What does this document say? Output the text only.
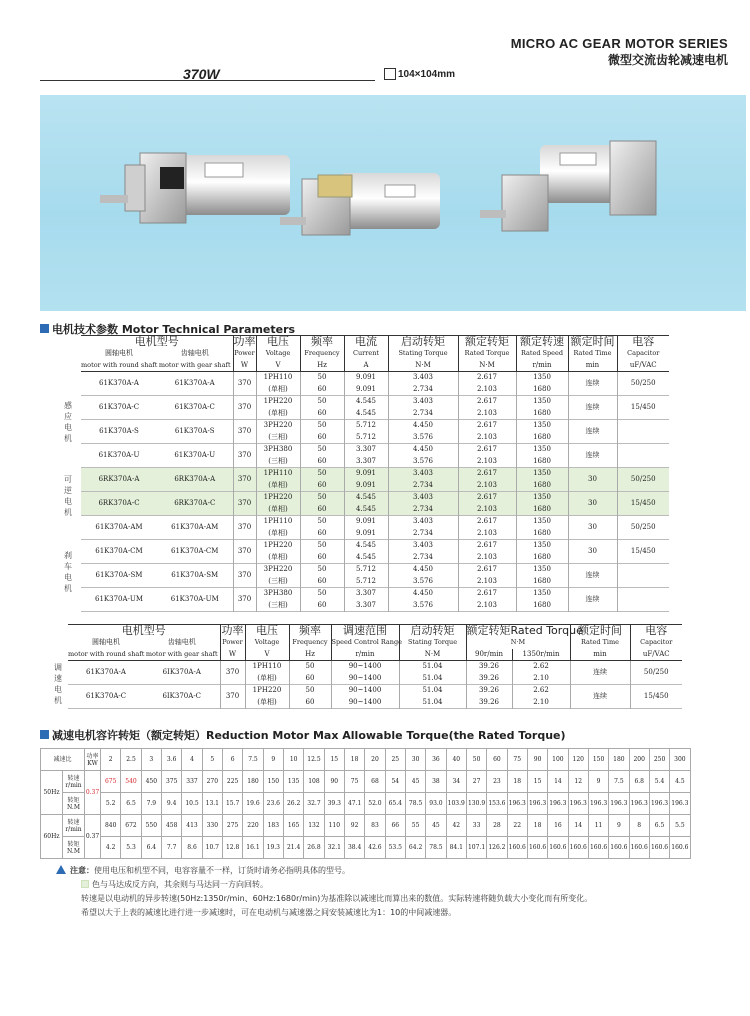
MICRO AC GEAR MOTOR SERIES
微型交流齿轮减速电机
370W	104×104mm
电机技术参数 Motor Technical Parameters
感应电机
可逆电机
刹车电机
电机型号		功率	电压	频率	电流	启动转矩	额定转矩	额定转速	额定时间	电容
圆轴电机	齿轴电机	Power	Voltage	Frequency	Current	Stating Torque	Rated Torque	Rated Speed	Rated Time	Capacitor
motor with round shaft	motor with gear shaft	W	V	Hz	A	N·M	N·M	r/min	min	uF/VAC
61K370A-A	61K370A-A	370	1PH110	50	9.091	3.403	2.617	1350	连续	50/250
			(单相)	60	9.091	2.734	2.103	1680		
61K370A-C	61K370A-C	370	1PH220	50	4.545	3.403	2.617	1350	连续	15/450
			(单相)	60	4.545	2.734	2.103	1680		
61K370A-S	61K370A-S	370	3PH220	50	5.712	4.450	2.617	1350	连续	
			(三相)	60	5.712	3.576	2.103	1680		
61K370A-U	61K370A-U	370	3PH380	50	3.307	4.450	2.617	1350	连续	
			(三相)	60	3.307	3.576	2.103	1680		
6RK370A-A	6RK370A-A	370	1PH110	50	9.091	3.403	2.617	1350	30	50/250
			(单相)	60	9.091	2.734	2.103	1680		
6RK370A-C	6RK370A-C	370	1PH220	50	4.545	3.403	2.617	1350	30	15/450
			(单相)	60	4.545	2.734	2.103	1680		
61K370A-AM	61K370A-AM	370	1PH110	50	9.091	3.403	2.617	1350	30	50/250
			(单相)	60	9.091	2.734	2.103	1680		
61K370A-CM	61K370A-CM	370	1PH220	50	4.545	3.403	2.617	1350	30	15/450
			(单相)	60	4.545	2.734	2.103	1680		
61K370A-SM	61K370A-SM	370	3PH220	50	5.712	4.450	2.617	1350	连续	
			(三相)	60	5.712	3.576	2.103	1680		
61K370A-UM	61K370A-UM	370	3PH380	50	3.307	4.450	2.617	1350	连续	
			(三相)	60	3.307	3.576	2.103	1680		
调速电机
电机型号		功率	电压	频率	调速范围	启动转矩	额定转矩Rated Torque		额定时间	电容
圆轴电机	齿轴电机	Power	Voltage	Frequency	Speed Control Range	Stating Torque	N·M		Rated Time	Capacitor
motor with round shaft	motor with gear shaft	W	V	Hz	r/min	N·M	90r/min	1350r/min	min	uF/VAC
61K370A-A	6IK370A-A	370	1PH110	50	90~1400	51.04	39.26	2.62	连续	50/250
			(单相)	60	90~1400	51.04	39.26	2.10		
61K370A-C	6IK370A-C	370	1PH220	50	90~1400	51.04	39.26	2.62	连续	15/450
			(单相)	60	90~1400	51.04	39.26	2.10		
减速电机容许转矩（额定转矩）Reduction Motor Max Allowable Torque(the Rated Torque)
减速比		功率KW	2	2.5	3	3.6	4	5	6	7.5	9	10	12.5	15	18	20	25	30	36	40	50	60	75	90	100	120	150	180	200	250	300
50Hz	转速r/min	0.37	675	540	450	375	337	270	225	180	150	135	108	90	75	68	54	45	38	34	27	23	18	15	14	12	9	7.5	6.8	5.4	4.5
	转矩N.M		5.2	6.5	7.9	9.4	10.5	13.1	15.7	19.6	23.6	26.2	32.7	39.3	47.1	52.0	65.4	78.5	93.0	103.9	130.9	153.6	196.3	196.3	196.3	196.3	196.3	196.3	196.3	196.3	196.3
60Hz	转速r/min	0.37	840	672	550	458	413	330	275	220	183	165	132	110	92	83	66	55	45	42	33	28	22	18	16	14	11	9	8	6.5	5.5
	转矩N.M		4.2	5.3	6.4	7.7	8.6	10.7	12.8	16.1	19.3	21.4	26.8	32.1	38.4	42.6	53.5	64.2	78.5	84.1	107.1	126.2	160.6	160.6	160.6	160.6	160.6	160.6	160.6	160.6	160.6
注意：使用电压和机型不同，电容容量不一样，订货时请务必指明具体的型号。
色与马达成反方向，其余则与马达同一方向回转。
转速是以电动机的异步转速(50Hz:1350r/min、60Hz:1680r/min)为基准除以减速比而算出来的数值。实际转速将随负载大小变化而有所变化。
希望以大于上表的减速比进行进一步减速时，可在电动机与减速器之间安装减速比为1：10的中间减速器。
